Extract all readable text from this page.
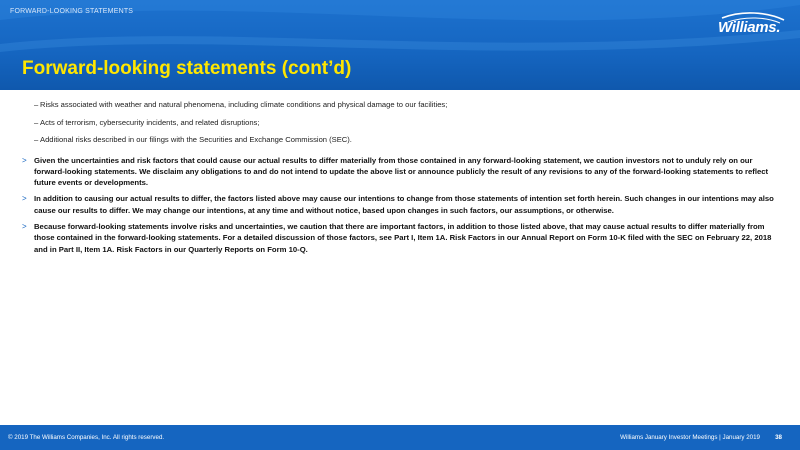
FORWARD-LOOKING STATEMENTS
Forward-looking statements (cont’d)
Williams.
– Risks associated with weather and natural phenomena, including climate conditions and physical damage to our facilities;
– Acts of terrorism, cybersecurity incidents, and related disruptions;
– Additional risks described in our filings with the Securities and Exchange Commission (SEC).
> Given the uncertainties and risk factors that could cause our actual results to differ materially from those contained in any forward-looking statement, we caution investors not to unduly rely on our forward-looking statements. We disclaim any obligations to and do not intend to update the above list or announce publicly the result of any revisions to any of the forward-looking statements to reflect future events or developments.
> In addition to causing our actual results to differ, the factors listed above may cause our intentions to change from those statements of intention set forth herein. Such changes in our intentions may also cause our results to differ. We may change our intentions, at any time and without notice, based upon changes in such factors, our assumptions, or otherwise.
> Because forward-looking statements involve risks and uncertainties, we caution that there are important factors, in addition to those listed above, that may cause actual results to differ materially from those contained in the forward-looking statements. For a detailed discussion of those factors, see Part I, Item 1A. Risk Factors in our Annual Report on Form 10-K filed with the SEC on February 22, 2018 and in Part II, Item 1A. Risk Factors in our Quarterly Reports on Form 10-Q.
© 2019 The Williams Companies, Inc. All rights reserved.	Williams January Investor Meetings | January 2019 38
